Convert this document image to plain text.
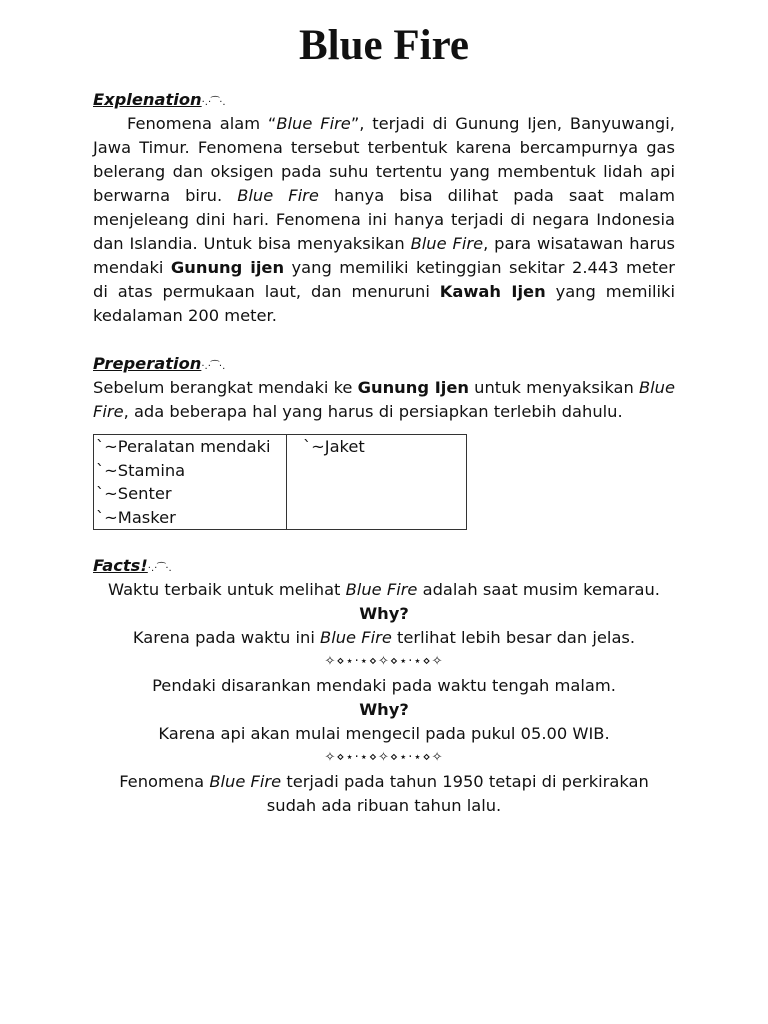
Blue Fire

Explenation·.·⁀·.

Fenomena alam “Blue Fire”, terjadi di Gunung Ijen, Banyuwangi, Jawa Timur. Fenomena tersebut terbentuk karena bercampurnya gas belerang dan oksigen pada suhu tertentu yang membentuk lidah api berwarna biru. Blue Fire hanya bisa dilihat pada saat malam menjeleang dini hari. Fenomena ini hanya terjadi di negara Indonesia dan Islandia. Untuk bisa menyaksikan Blue Fire, para wisatawan harus mendaki Gunung ijen yang memiliki ketinggian sekitar 2.443 meter di atas permukaan laut, dan menuruni Kawah Ijen yang memiliki kedalaman 200 meter.

Preperation·.·⁀·.

Sebelum berangkat mendaki ke Gunung Ijen untuk menyaksikan Blue Fire, ada beberapa hal yang harus di persiapkan terlebih dahulu.

`~Peralatan mendaki
`~Stamina
`~Senter
`~Masker

`~Jaket

Facts!·.·⁀·.

Waktu terbaik untuk melihat Blue Fire adalah saat musim kemarau.

Why?

Karena pada waktu ini Blue Fire terlihat lebih besar dan jelas.

✧⋄⋆·⋆⋄✧⋄⋆·⋆⋄✧

Pendaki disarankan mendaki pada waktu tengah malam.

Why?

Karena api akan mulai mengecil pada pukul 05.00 WIB.

✧⋄⋆·⋆⋄✧⋄⋆·⋆⋄✧

Fenomena Blue Fire terjadi pada tahun 1950 tetapi di perkirakan sudah ada ribuan tahun lalu.
